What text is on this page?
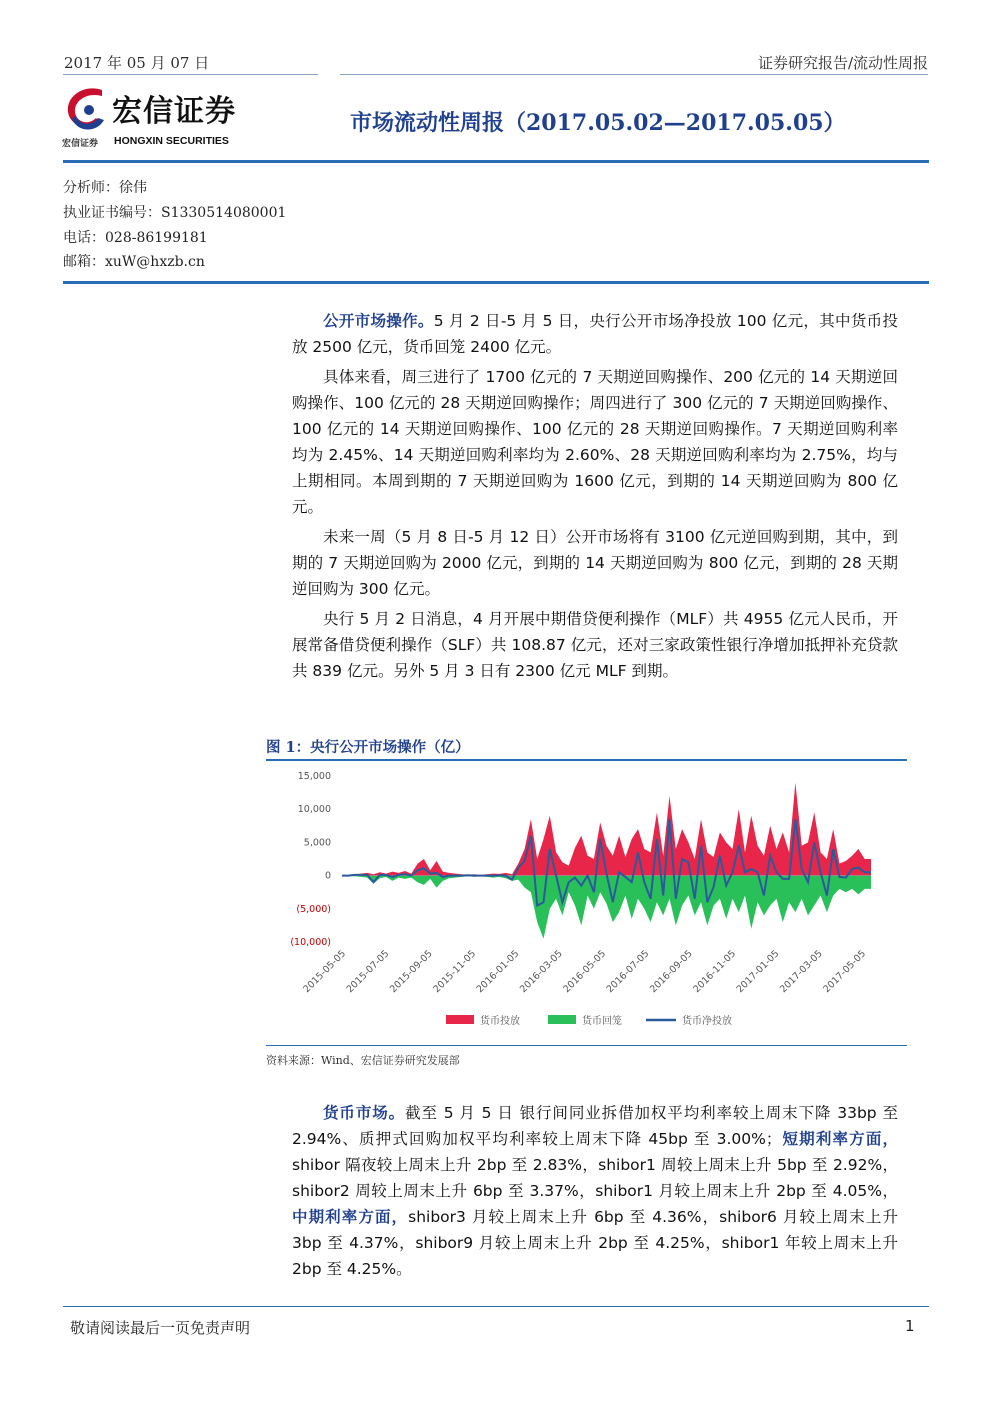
2017 年 05 月 07 日	证券研究报告/流动性周报
宏信证券
宏信证券 HONGXIN SECURITIES
市场流动性周报（2017.05.02—2017.05.05）
分析师：徐伟
执业证书编号：S1330514080001
电话：028-86199181
邮箱：xuW@hxzb.cn

公开市场操作。5 月 2 日-5 月 5 日，央行公开市场净投放 100 亿元，其中货币投放 2500 亿元，货币回笼 2400 亿元。

具体来看，周三进行了 1700 亿元的 7 天期逆回购操作、200 亿元的 14 天期逆回购操作、100 亿元的 28 天期逆回购操作；周四进行了 300 亿元的 7 天期逆回购操作、100 亿元的 14 天期逆回购操作、100 亿元的 28 天期逆回购操作。7 天期逆回购利率均为 2.45%、14 天期逆回购利率均为 2.60%、28 天期逆回购利率均为 2.75%，均与上期相同。本周到期的 7 天期逆回购为 1600 亿元，到期的 14 天期逆回购为 800 亿元。

未来一周（5 月 8 日-5 月 12 日）公开市场将有 3100 亿元逆回购到期，其中，到期的 7 天期逆回购为 2000 亿元，到期的 14 天期逆回购为 800 亿元，到期的 28 天期逆回购为 300 亿元。

央行 5 月 2 日消息，4 月开展中期借贷便利操作（MLF）共 4955 亿元人民币，开展常备借贷便利操作（SLF）共 108.87 亿元，还对三家政策性银行净增加抵押补充贷款共 839 亿元。另外 5 月 3 日有 2300 亿元 MLF 到期。

图 1：央行公开市场操作（亿）
15,000
10,000
5,000
0
(5,000)
(10,000)
2015-05-05
2015-07-05
2015-09-05
2015-11-05
2016-01-05
2016-03-05
2016-05-05
2016-07-05
2016-09-05
2016-11-05
2017-01-05
2017-03-05
2017-05-05
货币投放	货币回笼	货币净投放
资料来源：Wind、宏信证券研究发展部

货币市场。截至 5 月 5 日 银行间同业拆借加权平均利率较上周末下降 33bp 至 2.94%、质押式回购加权平均利率较上周末下降 45bp 至 3.00%；短期利率方面，shibor 隔夜较上周末上升 2bp 至 2.83%，shibor1 周较上周末上升 5bp 至 2.92%，shibor2 周较上周末上升 6bp 至 3.37%，shibor1 月较上周末上升 2bp 至 4.05%，中期利率方面，shibor3 月较上周末上升 6bp 至 4.36%，shibor6 月较上周末上升 3bp 至 4.37%，shibor9 月较上周末上升 2bp 至 4.25%，shibor1 年较上周末上升 2bp 至 4.25%。

敬请阅读最后一页免责声明	1
